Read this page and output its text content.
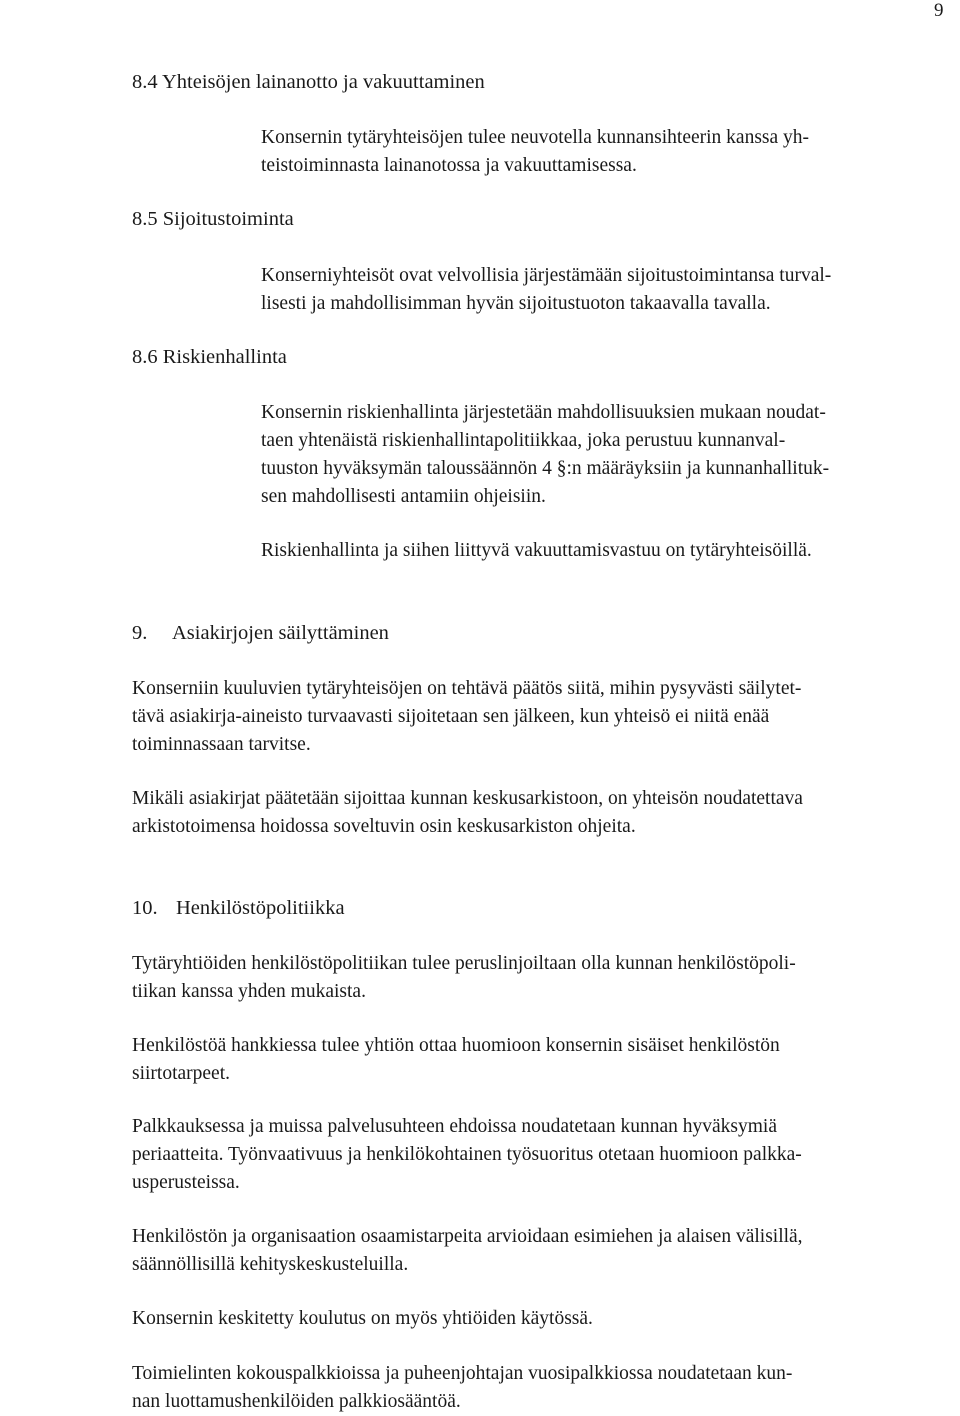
9
8.4 Yhteisöjen lainanotto ja vakuuttaminen
Konsernin tytäryhteisöjen tulee neuvotella kunnansihteerin kanssa yh-
teistoiminnasta lainanotossa ja vakuuttamisessa.
8.5 Sijoitustoiminta
Konserniyhteisöt ovat velvollisia järjestämään sijoitustoimintansa turval-
lisesti ja mahdollisimman hyvän sijoitustuoton takaavalla tavalla.
8.6 Riskienhallinta
Konsernin riskienhallinta järjestetään mahdollisuuksien mukaan noudat-
taen yhtenäistä riskienhallintapolitiikkaa, joka perustuu kunnanval-
tuuston hyväksymän taloussäännön 4 §:n määräyksiin ja kunnanhallituk-
sen mahdollisesti antamiin ohjeisiin.
Riskienhallinta ja siihen liittyvä vakuuttamisvastuu on tytäryhteisöillä.
9. Asiakirjojen säilyttäminen
Konserniin kuuluvien tytäryhteisöjen on tehtävä päätös siitä, mihin pysyvästi säilytet-
tävä asiakirja-aineisto turvaavasti sijoitetaan sen jälkeen, kun yhteisö ei niitä enää
toiminnassaan tarvitse.
Mikäli asiakirjat päätetään sijoittaa kunnan keskusarkistoon, on yhteisön noudatettava
arkistotoimensa hoidossa soveltuvin osin keskusarkiston ohjeita.
10. Henkilöstöpolitiikka
Tytäryhtiöiden henkilöstöpolitiikan tulee peruslinjoiltaan olla kunnan henkilöstöpoli-
tiikan kanssa yhden mukaista.
Henkilöstöä hankkiessa tulee yhtiön ottaa huomioon konsernin sisäiset henkilöstön
siirtotarpeet.
Palkkauksessa ja muissa palvelusuhteen ehdoissa noudatetaan kunnan hyväksymiä
periaatteita. Työnvaativuus ja henkilökohtainen työsuoritus otetaan huomioon palkka-
usperusteissa.
Henkilöstön ja organisaation osaamistarpeita arvioidaan esimiehen ja alaisen välisillä,
säännöllisillä kehityskeskusteluilla.
Konsernin keskitetty koulutus on myös yhtiöiden käytössä.
Toimielinten kokouspalkkioissa ja puheenjohtajan vuosipalkkiossa noudatetaan kun-
nan luottamushenkilöiden palkkiosääntöä.
